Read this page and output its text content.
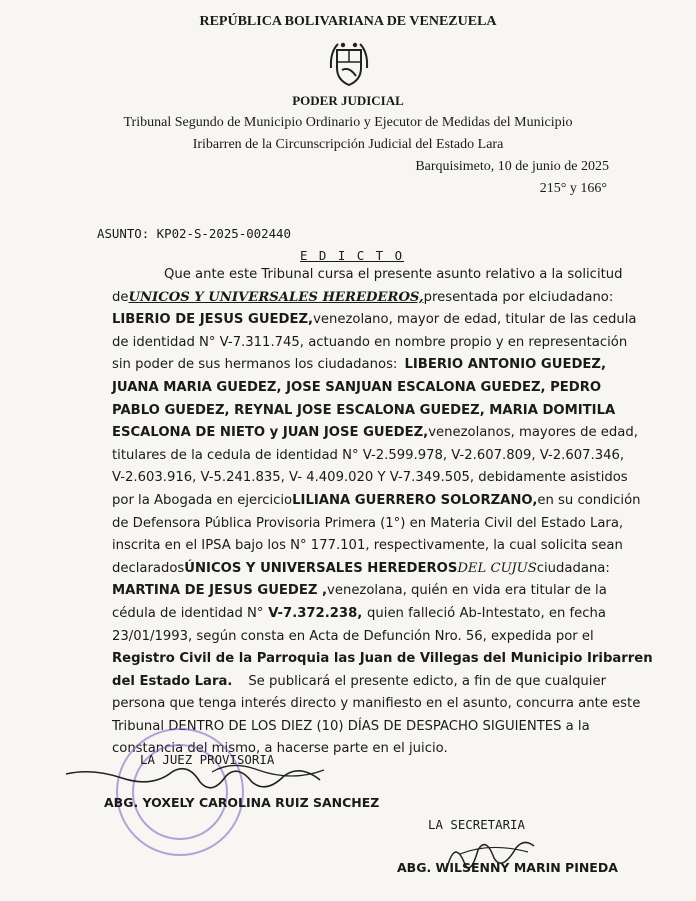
REPÚBLICA BOLIVARIANA DE VENEZUELA
PODER JUDICIAL
Tribunal Segundo de Municipio Ordinario y Ejecutor de Medidas del Municipio
Iribarren de la Circunscripción Judicial del Estado Lara
Barquisimeto, 10 de junio de 2025
215° y 166°
ASUNTO: KP02-S-2025-002440
E D I C T O
Que ante este Tribunal cursa el presente asunto relativo a la solicitud
de UNICOS Y UNIVERSALES HEREDEROS, presentada por el ciudadano:
LIBERIO DE JESUS GUEDEZ, venezolano, mayor de edad, titular de las cedula
de identidad N° V-7.311.745, actuando en nombre propio y en representación
sin poder de sus hermanos los ciudadanos: LIBERIO ANTONIO GUEDEZ,
JUANA MARIA GUEDEZ, JOSE SANJUAN ESCALONA GUEDEZ, PEDRO
PABLO GUEDEZ, REYNAL JOSE ESCALONA GUEDEZ, MARIA DOMITILA
ESCALONA DE NIETO y JUAN JOSE GUEDEZ, venezolanos, mayores de edad,
titulares de la cedula de identidad N° V-2.599.978, V-2.607.809, V-2.607.346,
V-2.603.916, V-5.241.835, V- 4.409.020 Y V-7.349.505, debidamente asistidos
por la Abogada en ejercicio LILIANA GUERRERO SOLORZANO, en su condición
de Defensora Pública Provisoria Primera (1°) en Materia Civil del Estado Lara,
inscrita en el IPSA bajo los N° 177.101, respectivamente, la cual solicita sean
declarados ÚNICOS Y UNIVERSALES HEREDEROS DEL CUJUS ciudadana:
MARTINA DE JESUS GUEDEZ , venezolana, quién en vida era titular de la
cédula de identidad N° V-7.372.238, quien falleció Ab-Intestato, en fecha
23/01/1993, según consta en Acta de Defunción Nro. 56, expedida por el
Registro Civil de la Parroquia las Juan de Villegas del Municipio Iribarren
del Estado Lara. Se publicará el presente edicto, a fin de que cualquier
persona que tenga interés directo y manifiesto en el asunto, concurra ante este
Tribunal DENTRO DE LOS DIEZ (10) DÍAS DE DESPACHO SIGUIENTES a la
constancia del mismo, a hacerse parte en el juicio.
LA JUEZ PROVISORIA
ABG. YOXELY CAROLINA RUIZ SANCHEZ
LA SECRETARIA
ABG. WILSENNY MARIN PINEDA
